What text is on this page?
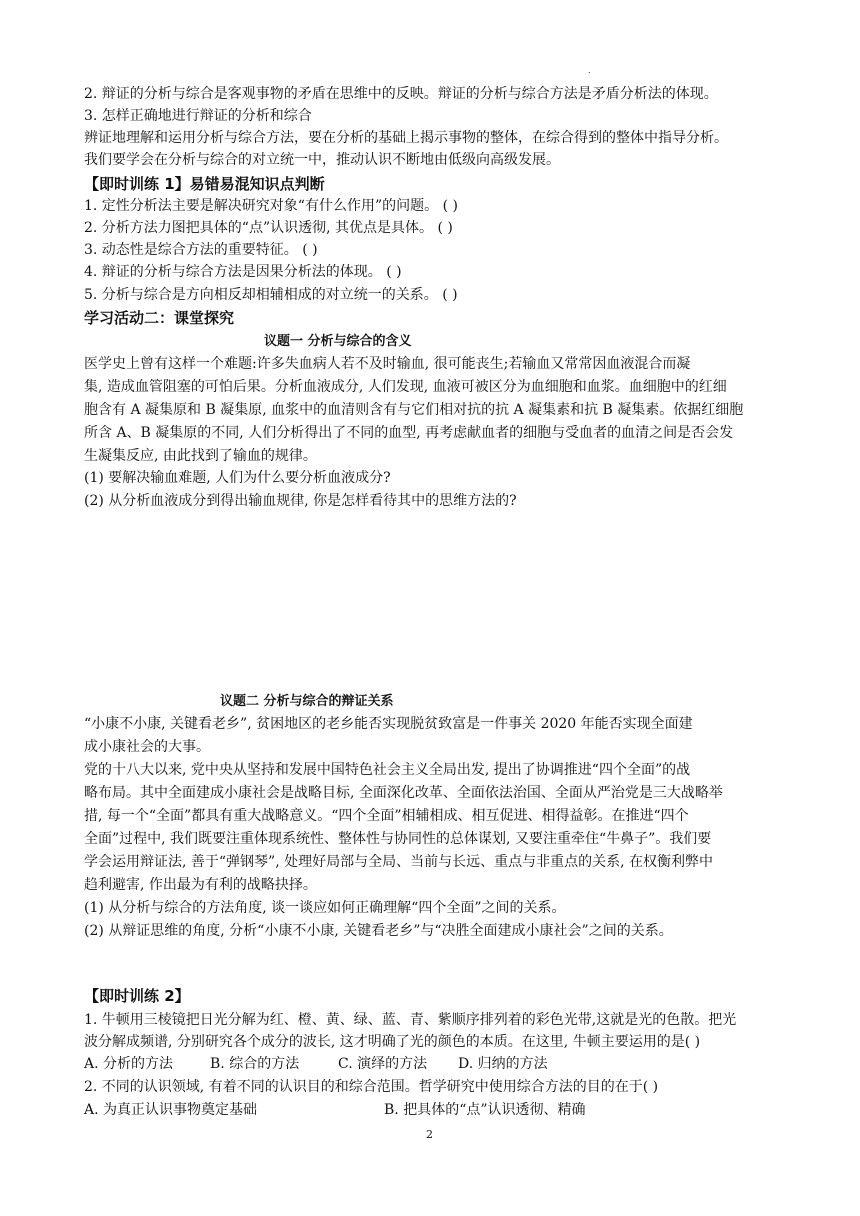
.
2. 辩证的分析与综合是客观事物的矛盾在思维中的反映。辩证的分析与综合方法是矛盾分析法的体现。
3. 怎样正确地进行辩证的分析和综合
辨证地理解和运用分析与综合方法，要在分析的基础上揭示事物的整体，在综合得到的整体中指导分析。
我们要学会在分析与综合的对立统一中，推动认识不断地由低级向高级发展。
【即时训练 1】易错易混知识点判断
1. 定性分析法主要是解决研究对象“有什么作用”的问题。 ( )
2. 分析方法力图把具体的“点”认识透彻, 其优点是具体。 ( )
3. 动态性是综合方法的重要特征。 ( )
4. 辩证的分析与综合方法是因果分析法的体现。 ( )
5. 分析与综合是方向相反却相辅相成的对立统一的关系。 ( )
学习活动二：课堂探究
议题一 分析与综合的含义
医学史上曾有这样一个难题:许多失血病人若不及时输血, 很可能丧生;若输血又常常因血液混合而凝
集, 造成血管阻塞的可怕后果。分析血液成分, 人们发现, 血液可被区分为血细胞和血浆。血细胞中的红细
胞含有 A 凝集原和 B 凝集原, 血浆中的血清则含有与它们相对抗的抗 A 凝集素和抗 B 凝集素。依据红细胞
所含 A、B 凝集原的不同, 人们分析得出了不同的血型, 再考虑献血者的细胞与受血者的血清之间是否会发
生凝集反应, 由此找到了输血的规律。
(1) 要解决输血难题, 人们为什么要分析血液成分?
(2) 从分析血液成分到得出输血规律, 你是怎样看待其中的思维方法的?
议题二 分析与综合的辩证关系
“小康不小康, 关键看老乡”, 贫困地区的老乡能否实现脱贫致富是一件事关 2020 年能否实现全面建
成小康社会的大事。
党的十八大以来, 党中央从坚持和发展中国特色社会主义全局出发, 提出了协调推进“四个全面”的战
略布局。其中全面建成小康社会是战略目标, 全面深化改革、全面依法治国、全面从严治党是三大战略举
措, 每一个“全面”都具有重大战略意义。“四个全面”相辅相成、相互促进、相得益彰。在推进“四个
全面”过程中, 我们既要注重体现系统性、整体性与协同性的总体谋划, 又要注重牵住“牛鼻子”。我们要
学会运用辩证法, 善于“弹钢琴”, 处理好局部与全局、当前与长远、重点与非重点的关系, 在权衡利弊中
趋利避害, 作出最为有利的战略抉择。
(1) 从分析与综合的方法角度, 谈一谈应如何正确理解“四个全面”之间的关系。
(2) 从辩证思维的角度, 分析“小康不小康, 关键看老乡”与“决胜全面建成小康社会”之间的关系。
【即时训练 2】
1. 牛顿用三棱镜把日光分解为红、橙、黄、绿、蓝、青、紫顺序排列着的彩色光带,这就是光的色散。把光
波分解成频谱, 分别研究各个成分的波长, 这才明确了光的颜色的本质。在这里, 牛顿主要运用的是( )
A. 分析的方法	B. 综合的方法	C. 演绎的方法 D. 归纳的方法
2. 不同的认识领域, 有着不同的认识目的和综合范围。哲学研究中使用综合方法的目的在于( )
A. 为真正认识事物奠定基础	B. 把具体的“点”认识透彻、精确
2
